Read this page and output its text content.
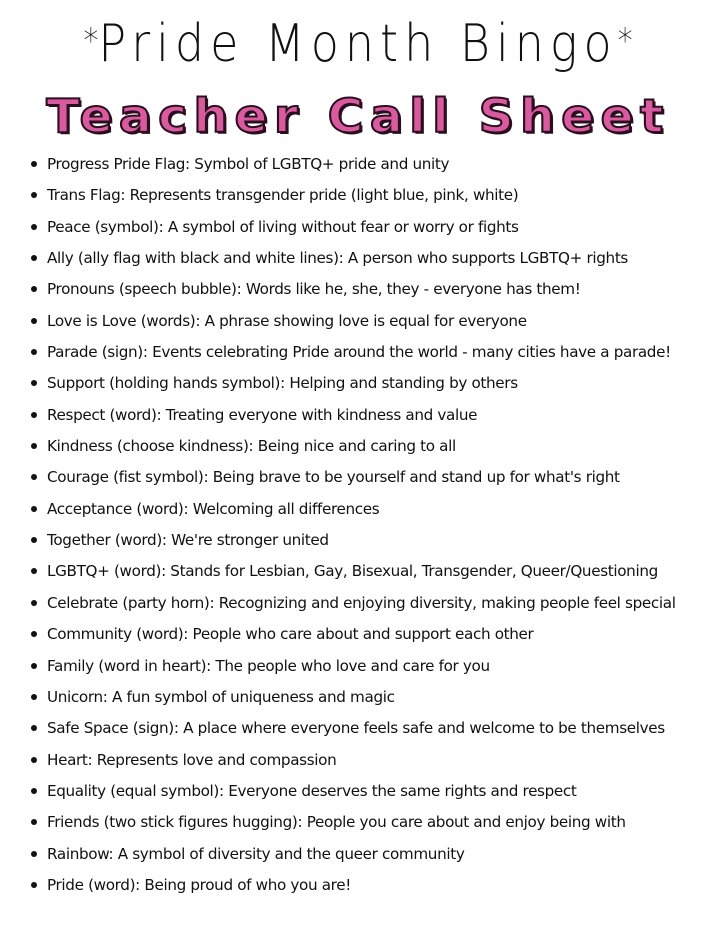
*Pride Month Bingo*
Teacher Call Sheet
Progress Pride Flag: Symbol of LGBTQ+ pride and unity
Trans Flag: Represents transgender pride (light blue, pink, white)
Peace (symbol): A symbol of living without fear or worry or fights
Ally (ally flag with black and white lines): A person who supports LGBTQ+ rights
Pronouns (speech bubble): Words like he, she, they - everyone has them!
Love is Love (words): A phrase showing love is equal for everyone
Parade (sign): Events celebrating Pride around the world - many cities have a parade!
Support (holding hands symbol): Helping and standing by others
Respect (word): Treating everyone with kindness and value
Kindness (choose kindness): Being nice and caring to all
Courage (fist symbol): Being brave to be yourself and stand up for what's right
Acceptance (word): Welcoming all differences
Together (word): We're stronger united
LGBTQ+ (word): Stands for Lesbian, Gay, Bisexual, Transgender, Queer/Questioning
Celebrate (party horn): Recognizing and enjoying diversity, making people feel special
Community (word): People who care about and support each other
Family (word in heart): The people who love and care for you
Unicorn: A fun symbol of uniqueness and magic
Safe Space (sign): A place where everyone feels safe and welcome to be themselves
Heart: Represents love and compassion
Equality (equal symbol): Everyone deserves the same rights and respect
Friends (two stick figures hugging): People you care about and enjoy being with
Rainbow: A symbol of diversity and the queer community
Pride (word): Being proud of who you are!
